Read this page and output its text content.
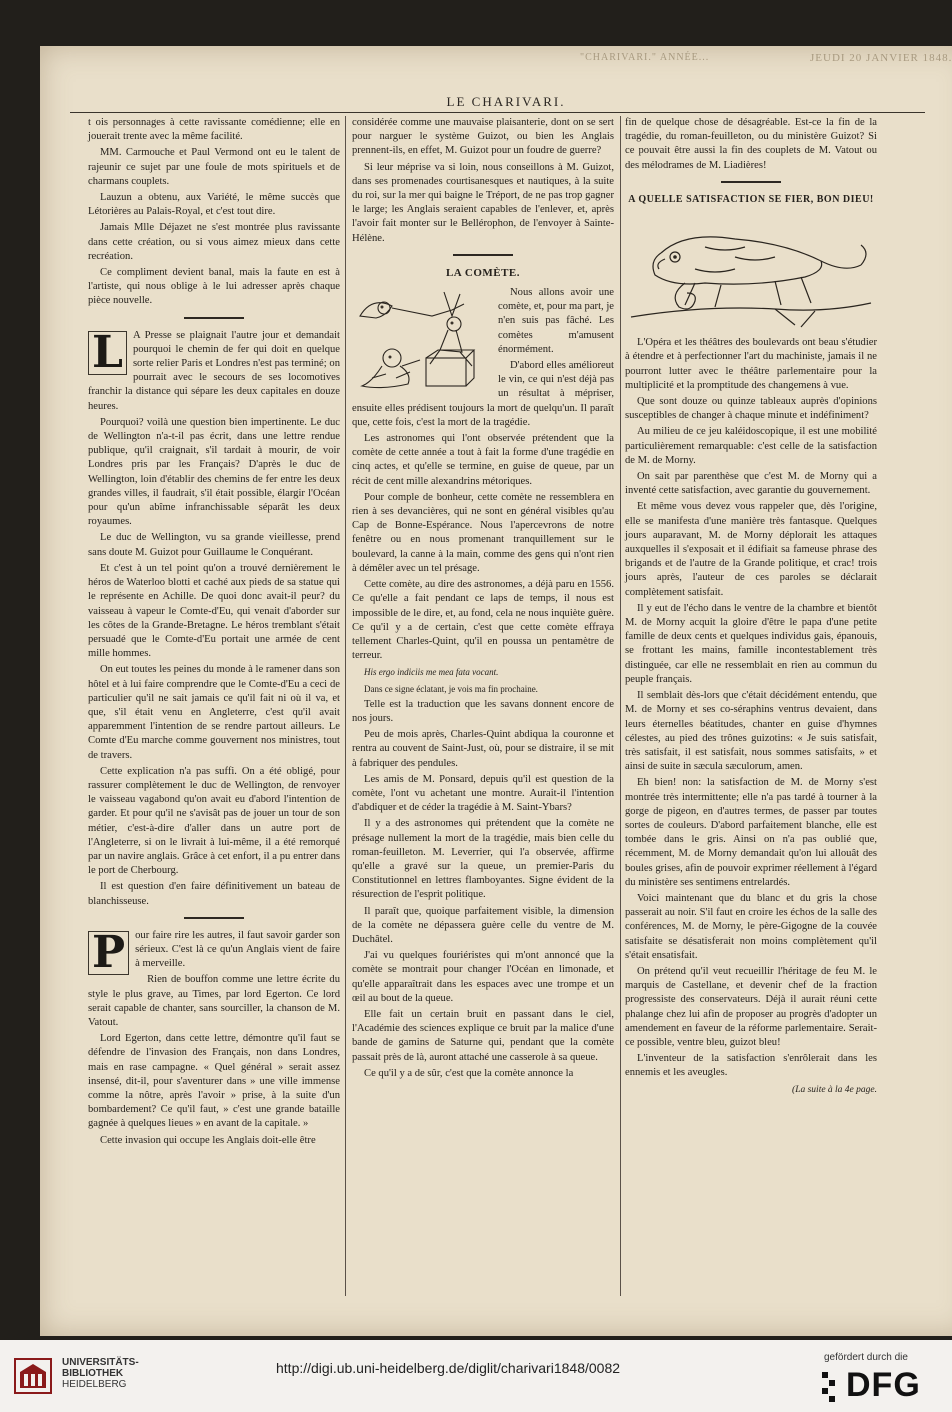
"CHARIVARI." ANNÉE...	JEUDI 20 JANVIER 1848.
LE CHARIVARI.

t ois personnages à cette ravissante comédienne; elle en jouerait trente avec la même facilité.

MM. Carmouche et Paul Vermond ont eu le talent de rajeunir ce sujet par une foule de mots spirituels et de charmans couplets.

Lauzun a obtenu, aux Variété, le même succès que Létorières au Palais-Royal, et c'est tout dire.

Jamais Mlle Déjazet ne s'est montrée plus ravissante dans cette création, ou si vous aimez mieux dans cette recréation.

Ce compliment devient banal, mais la faute en est à l'artiste, qui nous oblige à le lui adresser après chaque pièce nouvelle.

L A Presse se plaignait l'autre jour et demandait pourquoi le chemin de fer qui doit en quelque sorte relier Paris et Londres n'est pas terminé; on pourrait avec le secours de ses locomotives franchir la distance qui sépare les deux capitales en douze heures.

Pourquoi? voilà une question bien impertinente. Le duc de Wellington n'a-t-il pas écrit, dans une lettre rendue publique, qu'il craignait, s'il tardait à mourir, de voir Londres pris par les Français? D'après le duc de Wellington, loin d'établir des chemins de fer entre les deux grandes villes, il faudrait, s'il était possible, élargir l'Océan pour qu'un abîme infranchissable séparât les deux royaumes.

Le duc de Wellington, vu sa grande vieillesse, prend sans doute M. Guizot pour Guillaume le Conquérant.

Et c'est à un tel point qu'on a trouvé dernièrement le héros de Waterloo blotti et caché aux pieds de sa statue qui le représente en Achille. De quoi donc avait-il peur? du vaisseau à vapeur le Comte-d'Eu, qui venait d'aborder sur les côtes de la Grande-Bretagne. Le héros tremblant s'était persuadé que le Comte-d'Eu portait une armée de cent mille hommes.

On eut toutes les peines du monde à le ramener dans son hôtel et à lui faire comprendre que le Comte-d'Eu a ceci de particulier qu'il ne sait jamais ce qu'il fait ni où il va, et que, s'il était venu en Angleterre, c'est qu'il avait apparemment l'intention de se rendre partout ailleurs. Le Comte d'Eu marche comme gouvernent nos ministres, tout de travers.

Cette explication n'a pas suffi. On a été obligé, pour rassurer complètement le duc de Wellington, de renvoyer le vaisseau vagabond qu'on avait eu d'abord l'intention de garder. Et pour qu'il ne s'avisât pas de jouer un tour de son métier, c'est-à-dire d'aller dans un autre port de l'Angleterre, si on le livrait à lui-même, il a été remorqué par un navire anglais. Grâce à cet enfort, il a pu entrer dans le port de Cherbourg.

Il est question d'en faire définitivement un bateau de blanchisseuse.

P our faire rire les autres, il faut savoir garder son sérieux. C'est là ce qu'un Anglais vient de faire à merveille.

Rien de bouffon comme une lettre écrite du style le plus grave, au Times, par lord Egerton. Ce lord serait capable de chanter, sans sourciller, la chanson de M. Vatout.

Lord Egerton, dans cette lettre, démontre qu'il faut se défendre de l'invasion des Français, non dans Londres, mais en rase campagne. « Quel général » serait assez insensé, dit-il, pour s'aventurer dans » une ville immense comme la nôtre, après l'avoir » prise, à la suite d'un bombardement? Ce qu'il faut, » c'est une grande bataille gagnée à quelques lieues » en avant de la capitale. »

Cette invasion qui occupe les Anglais doit-elle être

considérée comme une mauvaise plaisanterie, dont on se sert pour narguer le système Guizot, ou bien les Anglais prennent-ils, en effet, M. Guizot pour un foudre de guerre?

Si leur méprise va si loin, nous conseillons à M. Guizot, dans ses promenades courtisanesques et nautiques, à la suite du roi, sur la mer qui baigne le Tréport, de ne pas trop gagner le large; les Anglais seraient capables de l'enlever, et, après l'avoir fait monter sur le Bellérophon, de l'envoyer à Sainte-Hélène.

LA COMÈTE.

Nous allons avoir une comète, et, pour ma part, je n'en suis pas fâché. Les comètes m'amusent énormément.

D'abord elles amélioreut le vin, ce qui n'est déjà pas un résultat à mépriser, ensuite elles prédisent toujours la mort de quelqu'un. Il paraît que, cette fois, c'est la mort de la tragédie.

Les astronomes qui l'ont observée prétendent que la comète de cette année a tout à fait la forme d'une tragédie en cinq actes, et qu'elle se termine, en guise de queue, par un récit de cent mille alexandrins métoriques.

Pour comple de bonheur, cette comète ne ressemblera en rien à ses devancières, qui ne sont en général visibles qu'au Cap de Bonne-Espérance. Nous l'apercevrons de notre fenêtre ou en nous promenant tranquillement sur le boulevard, la canne à la main, comme des gens qui n'ont rien à démêler avec un tel présage.

Cette comète, au dire des astronomes, a déjà paru en 1556. Ce qu'elle a fait pendant ce laps de temps, il nous est impossible de le dire, et, au fond, cela ne nous inquiète guère. Ce qu'il y a de certain, c'est que cette comète effraya tellement Charles-Quint, qu'il en poussa un pentamètre de terreur.

His ergo indiciis me mea fata vocant.

Dans ce signe éclatant, je vois ma fin prochaine.

Telle est la traduction que les savans donnent encore de nos jours.

Peu de mois après, Charles-Quint abdiqua la couronne et rentra au couvent de Saint-Just, où, pour se distraire, il se mit à fabriquer des pendules.

Les amis de M. Ponsard, depuis qu'il est question de la comète, l'ont vu achetant une montre. Aurait-il l'intention d'abdiquer et de céder la tragédie à M. Saint-Ybars?

Il y a des astronomes qui prétendent que la comète ne présage nullement la mort de la tragédie, mais bien celle du roman-feuilleton. M. Leverrier, qui l'a observée, affirme qu'elle a gravé sur la queue, un premier-Paris du Constitutionnel en lettres flamboyantes. Signe évident de la résurection de l'esprit politique.

Il paraît que, quoique parfaitement visible, la dimension de la comète ne dépassera guère celle du ventre de M. Duchâtel.

J'ai vu quelques fouriéristes qui m'ont annoncé que la comète se montrait pour changer l'Océan en limonade, et qu'elle apparaîtrait dans les espaces avec une trompe et un œil au bout de la queue.

Elle fait un certain bruit en passant dans le ciel, l'Académie des sciences explique ce bruit par la malice d'une bande de gamins de Saturne qui, pendant que la comète passait près de là, auront attaché une casserole à sa queue.

Ce qu'il y a de sûr, c'est que la comète annonce la

fin de quelque chose de désagréable. Est-ce la fin de la tragédie, du roman-feuilleton, ou du ministère Guizot? Si ce pouvait être aussi la fin des couplets de M. Vatout ou des mélodrames de M. Liadières!

A QUELLE SATISFACTION SE FIER, BON DIEU!

L'Opéra et les théâtres des boulevards ont beau s'étudier à étendre et à perfectionner l'art du machiniste, jamais il ne pourront lutter avec le théâtre parlementaire pour la multiplicité et la promptitude des changemens à vue.

Que sont douze ou quinze tableaux auprès d'opinions susceptibles de changer à chaque minute et indéfiniment?

Au milieu de ce jeu kaléidoscopique, il est une mobilité particulièrement remarquable: c'est celle de la satisfaction de M. de Morny.

On sait par parenthèse que c'est M. de Morny qui a inventé cette satisfaction, avec garantie du gouvernement.

Et même vous devez vous rappeler que, dès l'origine, elle se manifesta d'une manière très fantasque. Quelques jours auparavant, M. de Morny déplorait les attaques auxquelles il s'exposait et il édifiait sa fameuse phrase des brigands et de l'autre de la Grande politique, et crac! trois jours après, l'auteur de ces paroles se déclarait complètement satisfait.

Il y eut de l'écho dans le ventre de la chambre et bientôt M. de Morny acquit la gloire d'être le papa d'une petite famille de deux cents et quelques individus gais, épanouis, se frottant les mains, famille incontestablement très distinguée, car elle ne ressemblait en rien au commun du peuple français.

Il semblait dès-lors que c'était décidément entendu, que M. de Morny et ses co-séraphins ventrus devaient, dans leurs éternelles béatitudes, chanter en guise d'hymnes célestes, au pied des trônes guizotins: « Je suis satisfait, très satisfait, il est satisfait, nous sommes satisfaits, » et ainsi de suite in sæcula sæculorum, amen.

Eh bien! non: la satisfaction de M. de Morny s'est montrée très intermittente; elle n'a pas tardé à tourner à la gorge de pigeon, en d'autres termes, de passer par toutes sortes de couleurs. D'abord parfaitement blanche, elle est tombée dans le gris. Ainsi on n'a pas oublié que, récemment, M. de Morny demandait qu'on lui allouât des boules grises, afin de pouvoir exprimer réellement à l'égard du ministère ses sentimens entrelardés.

Voici maintenant que du blanc et du gris la chose passerait au noir. S'il faut en croire les échos de la salle des conférences, M. de Morny, le père-Gigogne de la couvée satisfaite se désatisferait non moins complètement qu'il s'était ensatisfait.

On prétend qu'il veut recueillir l'héritage de feu M. le marquis de Castellane, et devenir chef de la fraction progressiste des conservateurs. Déjà il aurait réuni cette phalange chez lui afin de proposer au progrès d'adopter un amendement en faveur de la réforme parlementaire. Serait-ce possible, ventre bleu, guizot bleu!

L'inventeur de la satisfaction s'enrôlerait dans les ennemis et les aveugles.

(La suite à la 4e page.

UNIVERSITÄTS-
BIBLIOTHEK
HEIDELBERG
http://digi.ub.uni-heidelberg.de/diglit/charivari1848/0082
gefördert durch die
DFG
